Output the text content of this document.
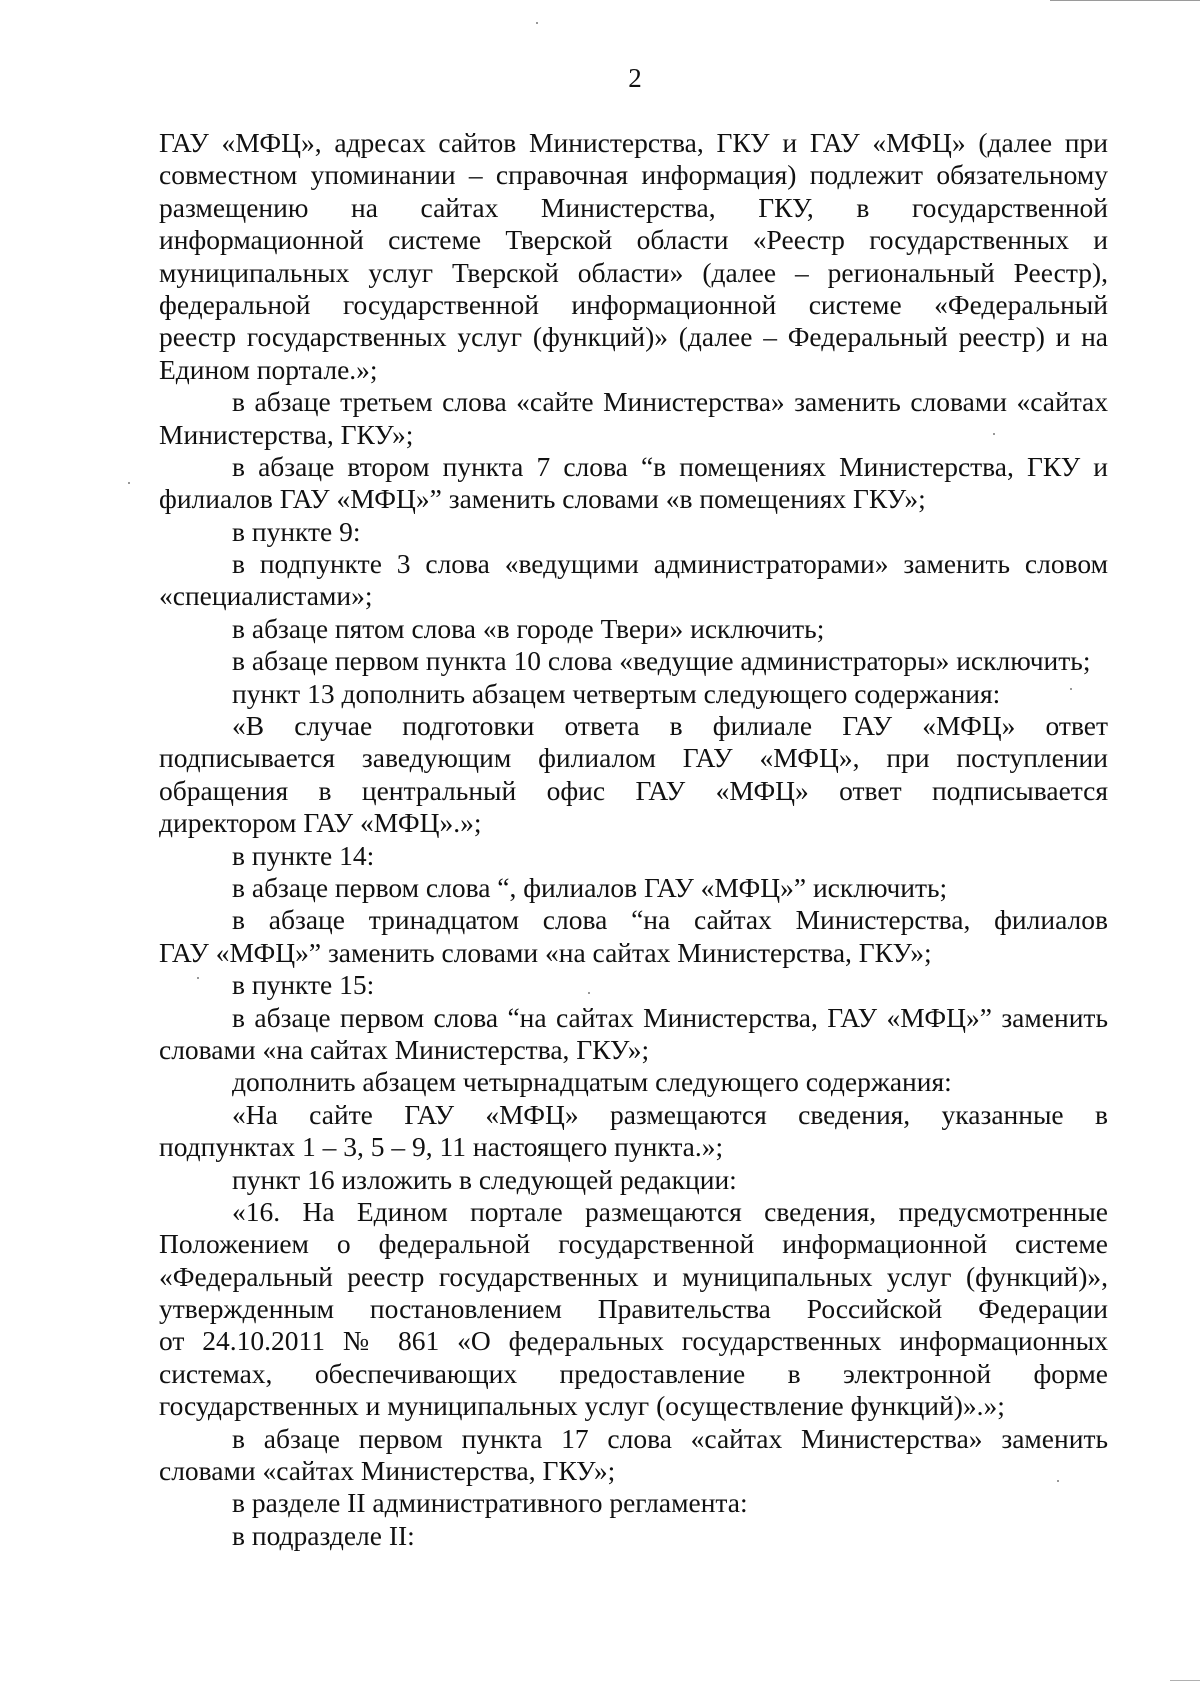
2
ГАУ «МФЦ», адресах сайтов Министерства, ГКУ и ГАУ «МФЦ» (далее при
совместном упоминании – справочная информация) подлежит обязательному
размещению на сайтах Министерства, ГКУ, в государственной
информационной системе Тверской области «Реестр государственных и
муниципальных услуг Тверской области» (далее – региональный Реестр),
федеральной государственной информационной системе «Федеральный
реестр государственных услуг (функций)» (далее – Федеральный реестр) и на
Едином портале.»;
в абзаце третьем слова «сайте Министерства» заменить словами «сайтах
Министерства, ГКУ»;
в абзаце втором пункта 7 слова “в помещениях Министерства, ГКУ и
филиалов ГАУ «МФЦ»” заменить словами «в помещениях ГКУ»;
в пункте 9:
в подпункте 3 слова «ведущими администраторами» заменить словом
«специалистами»;
в абзаце пятом слова «в городе Твери» исключить;
в абзаце первом пункта 10 слова «ведущие администраторы» исключить;
пункт 13 дополнить абзацем четвертым следующего содержания:
«В случае подготовки ответа в филиале ГАУ «МФЦ» ответ
подписывается заведующим филиалом ГАУ «МФЦ», при поступлении
обращения в центральный офис ГАУ «МФЦ» ответ подписывается
директором ГАУ «МФЦ».»;
в пункте 14:
в абзаце первом слова “, филиалов ГАУ «МФЦ»” исключить;
в абзаце тринадцатом слова “на сайтах Министерства, филиалов
ГАУ «МФЦ»” заменить словами «на сайтах Министерства, ГКУ»;
в пункте 15:
в абзаце первом слова “на сайтах Министерства, ГАУ «МФЦ»” заменить
словами «на сайтах Министерства, ГКУ»;
дополнить абзацем четырнадцатым следующего содержания:
«На сайте ГАУ «МФЦ» размещаются сведения, указанные в
подпунктах 1 – 3, 5 – 9, 11 настоящего пункта.»;
пункт 16 изложить в следующей редакции:
«16. На Едином портале размещаются сведения, предусмотренные
Положением о федеральной государственной информационной системе
«Федеральный реестр государственных и муниципальных услуг (функций)»,
утвержденным постановлением Правительства Российской Федерации
от 24.10.2011 № 861 «О федеральных государственных информационных
системах, обеспечивающих предоставление в электронной форме
государственных и муниципальных услуг (осуществление функций)».»;
в абзаце первом пункта 17 слова «сайтах Министерства» заменить
словами «сайтах Министерства, ГКУ»;
в разделе II административного регламента:
в подразделе II:
